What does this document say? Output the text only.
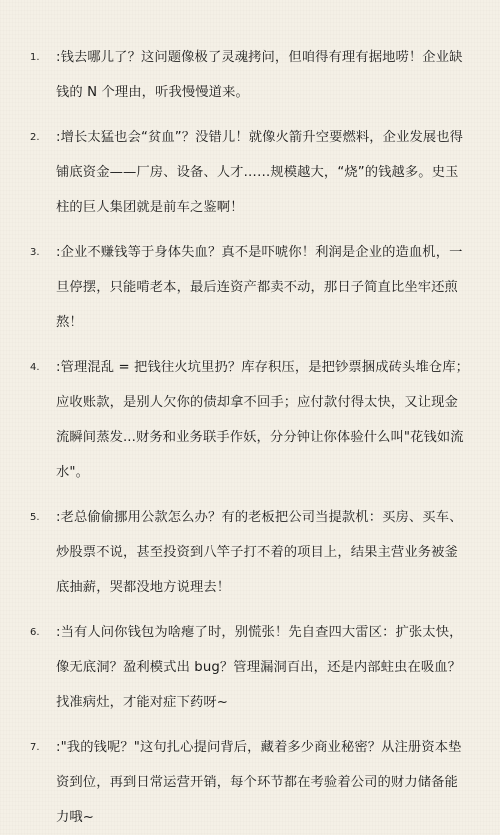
1.	:钱去哪儿了？这问题像极了灵魂拷问，但咱得有理有据地唠！企业缺钱的 N 个理由，听我慢慢道来。
2.	:增长太猛也会“贫血”？没错儿！就像火箭升空要燃料，企业发展也得铺底资金——厂房、设备、人才……规模越大，“烧”的钱越多。史玉柱的巨人集团就是前车之鉴啊！
3.	:企业不赚钱等于身体失血？真不是吓唬你！利润是企业的造血机，一旦停摆，只能啃老本，最后连资产都卖不动，那日子简直比坐牢还煎熬！
4.	:管理混乱 = 把钱往火坑里扔？库存积压，是把钞票捆成砖头堆仓库；应收账款，是别人欠你的债却拿不回手；应付款付得太快，又让现金流瞬间蒸发...财务和业务联手作妖，分分钟让你体验什么叫"花钱如流水"。
5.	:老总偷偷挪用公款怎么办？有的老板把公司当提款机：买房、买车、炒股票不说，甚至投资到八竿子打不着的项目上，结果主营业务被釜底抽薪，哭都没地方说理去！
6.	:当有人问你钱包为啥瘪了时，别慌张！先自查四大雷区：扩张太快，像无底洞？盈利模式出 bug？管理漏洞百出，还是内部蛀虫在吸血？找准病灶，才能对症下药呀~
7.	:"我的钱呢？"这句扎心提问背后，藏着多少商业秘密？从注册资本垫资到位，再到日常运营开销，每个环节都在考验着公司的财力储备能力哦~
